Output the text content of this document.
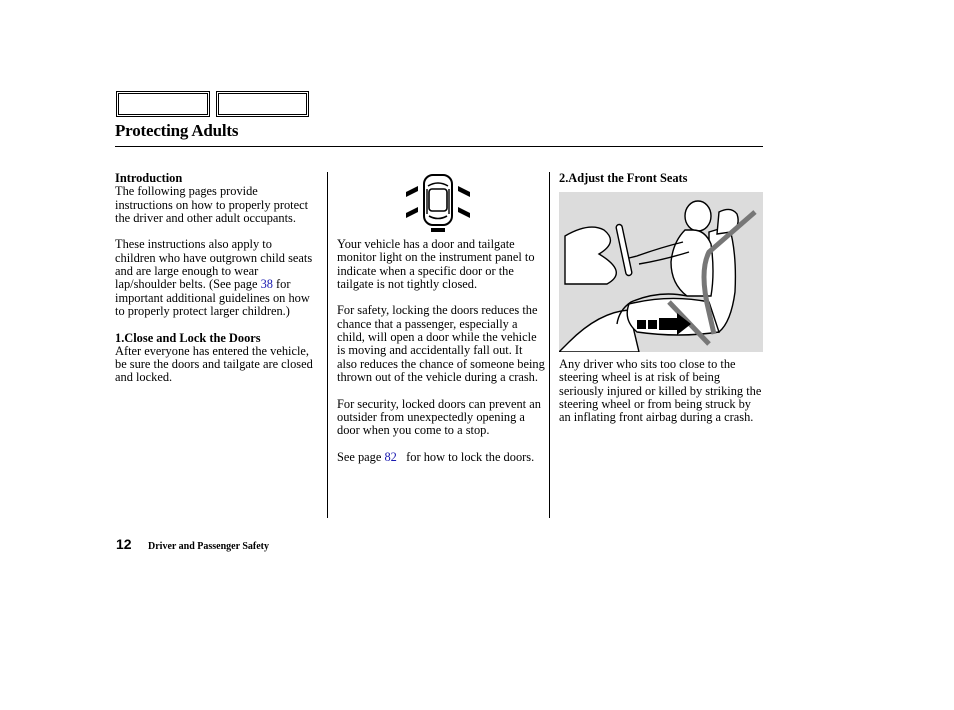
Protecting Adults
Introduction

The following pages provide instructions on how to properly protect the driver and other adult occupants.

These instructions also apply to children who have outgrown child seats and are large enough to wear lap/shoulder belts. (See page 38 for important additional guidelines on how to properly protect larger children.)

1.Close and Lock the Doors

After everyone has entered the vehicle, be sure the doors and tailgate are closed and locked.

Your vehicle has a door and tailgate monitor light on the instrument panel to indicate when a specific door or the tailgate is not tightly closed.

For safety, locking the doors reduces the chance that a passenger, especially a child, will open a door while the vehicle is moving and accidentally fall out. It also reduces the chance of someone being thrown out of the vehicle during a crash.

For security, locked doors can prevent an outsider from unexpectedly opening a door when you come to a stop.

See page 82   for how to lock the doors.

2.Adjust the Front Seats

Any driver who sits too close to the steering wheel is at risk of being seriously injured or killed by striking the steering wheel or from being struck by an inflating front airbag during a crash.

12 Driver and Passenger Safety
